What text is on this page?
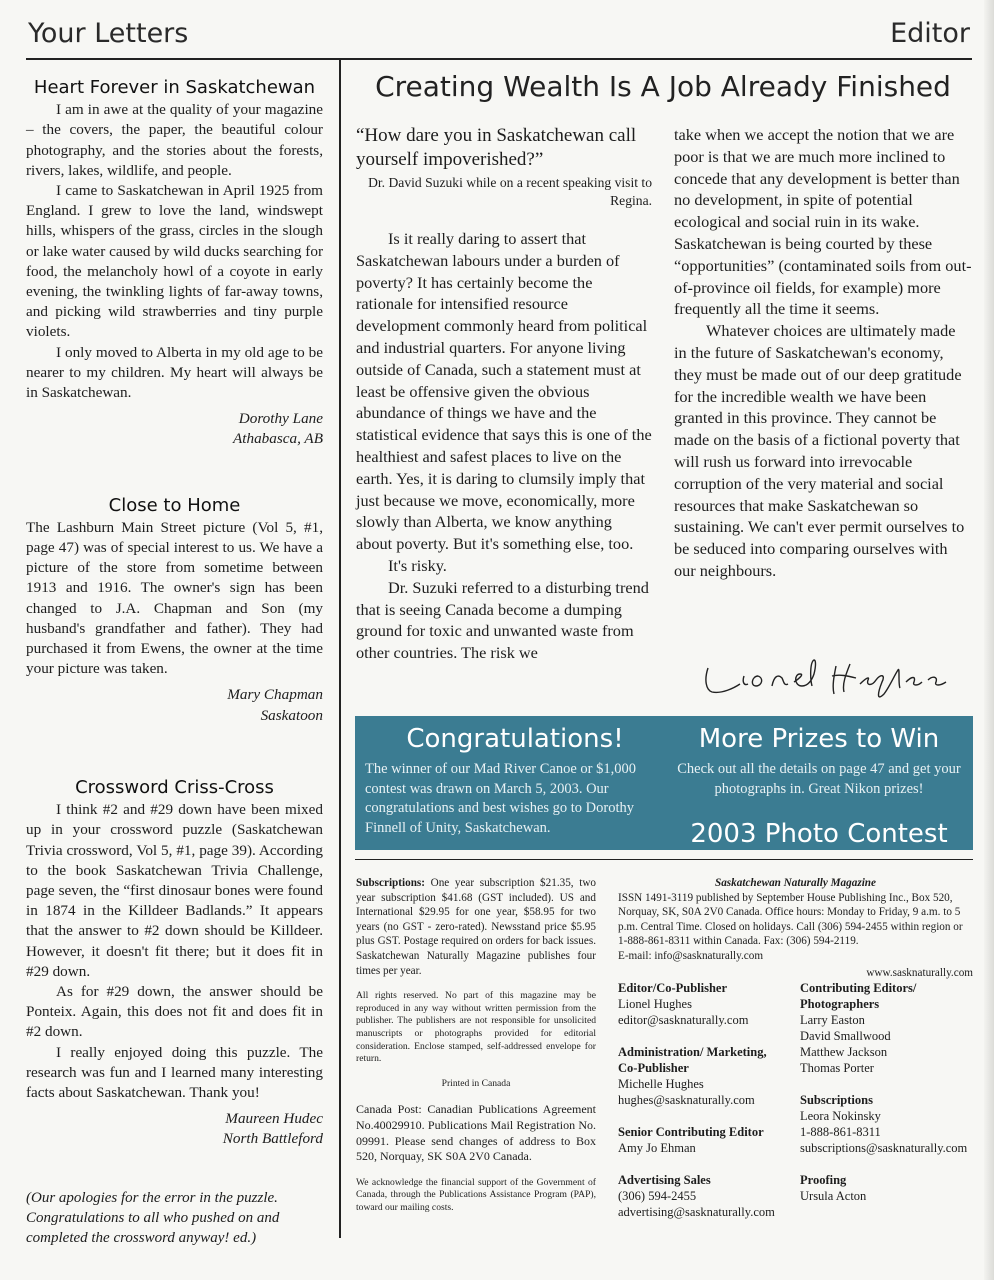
Your Letters	Editor
Heart Forever in Saskatchewan

I am in awe at the quality of your magazine – the covers, the paper, the beautiful colour photography, and the stories about the forests, rivers, lakes, wildlife, and people.

I came to Saskatchewan in April 1925 from England. I grew to love the land, windswept hills, whispers of the grass, circles in the slough or lake water caused by wild ducks searching for food, the melancholy howl of a coyote in early evening, the twinkling lights of far-away towns, and picking wild strawberries and tiny purple violets.

I only moved to Alberta in my old age to be nearer to my children. My heart will always be in Saskatchewan.

Dorothy Lane
Athabasca, AB
Close to Home

The Lashburn Main Street picture (Vol 5, #1, page 47) was of special interest to us. We have a picture of the store from sometime between 1913 and 1916. The owner's sign has been changed to J.A. Chapman and Son (my husband's grandfather and father). They had purchased it from Ewens, the owner at the time your picture was taken.

Mary Chapman
Saskatoon
Crossword Criss-Cross

I think #2 and #29 down have been mixed up in your crossword puzzle (Saskatchewan Trivia crossword, Vol 5, #1, page 39). According to the book Saskatchewan Trivia Challenge, page seven, the “first dinosaur bones were found in 1874 in the Killdeer Badlands.” It appears that the answer to #2 down should be Killdeer. However, it doesn't fit there; but it does fit in #29 down.

As for #29 down, the answer should be Ponteix. Again, this does not fit and does fit in #2 down.

I really enjoyed doing this puzzle. The research was fun and I learned many interesting facts about Saskatchewan. Thank you!

Maureen Hudec
North Battleford
(Our apologies for the error in the puzzle. Congratulations to all who pushed on and completed the crossword anyway! ed.)
Creating Wealth Is A Job Already Finished

“How dare you in Saskatchewan call yourself impoverished?”

Dr. David Suzuki while on a recent speaking visit to Regina.

Is it really daring to assert that Saskatchewan labours under a burden of poverty? It has certainly become the rationale for intensified resource development commonly heard from political and industrial quarters. For anyone living outside of Canada, such a statement must at least be offensive given the obvious abundance of things we have and the statistical evidence that says this is one of the healthiest and safest places to live on the earth. Yes, it is daring to clumsily imply that just because we move, economically, more slowly than Alberta, we know anything about poverty. But it's something else, too.

It's risky.

Dr. Suzuki referred to a disturbing trend that is seeing Canada become a dumping ground for toxic and unwanted waste from other countries. The risk we

take when we accept the notion that we are poor is that we are much more inclined to concede that any development is better than no development, in spite of potential ecological and social ruin in its wake. Saskatchewan is being courted by these “opportunities” (contaminated soils from out-of-province oil fields, for example) more frequently all the time it seems.

Whatever choices are ultimately made in the future of Saskatchewan's economy, they must be made out of our deep gratitude for the incredible wealth we have been granted in this province. They cannot be made on the basis of a fictional poverty that will rush us forward into irrevocable corruption of the very material and social resources that make Saskatchewan so sustaining. We can't ever permit ourselves to be seduced into comparing ourselves with our neighbours.

Congratulations!
The winner of our Mad River Canoe or $1,000 contest was drawn on March 5, 2003. Our congratulations and best wishes go to Dorothy Finnell of Unity, Saskatchewan.
More Prizes to Win
Check out all the details on page 47 and get your photographs in. Great Nikon prizes!
2003 Photo Contest

Subscriptions: One year subscription $21.35, two year subscription $41.68 (GST included). US and International $29.95 for one year, $58.95 for two years (no GST - zero-rated). Newsstand price $5.95 plus GST. Postage required on orders for back issues. Saskatchewan Naturally Magazine publishes four times per year.

All rights reserved. No part of this magazine may be reproduced in any way without written permission from the publisher. The publishers are not responsible for unsolicited manuscripts or photographs provided for editorial consideration. Enclose stamped, self-addressed envelope for return.

Printed in Canada

Canada Post: Canadian Publications Agreement No.40029910. Publications Mail Registration No. 09991. Please send changes of address to Box 520, Norquay, SK S0A 2V0 Canada.

We acknowledge the financial support of the Government of Canada, through the Publications Assistance Program (PAP), toward our mailing costs.

Saskatchewan Naturally Magazine

ISSN 1491-3119 published by September House Publishing Inc., Box 520, Norquay, SK, S0A 2V0 Canada. Office hours: Monday to Friday, 9 a.m. to 5 p.m. Central Time. Closed on holidays. Call (306) 594-2455 within region or 1-888-861-8311 within Canada. Fax: (306) 594-2119.

E-mail: info@sasknaturally.com

www.sasknaturally.com

Editor/Co-Publisher
Lionel Hughes
editor@sasknaturally.com
Administration/ Marketing, Co-Publisher
Michelle Hughes
hughes@sasknaturally.com
Senior Contributing Editor
Amy Jo Ehman
Advertising Sales
(306) 594-2455
advertising@sasknaturally.com
Contributing Editors/ Photographers
Larry Easton
David Smallwood
Matthew Jackson
Thomas Porter
Subscriptions
Leora Nokinsky
1-888-861-8311
subscriptions@sasknaturally.com
Proofing
Ursula Acton
